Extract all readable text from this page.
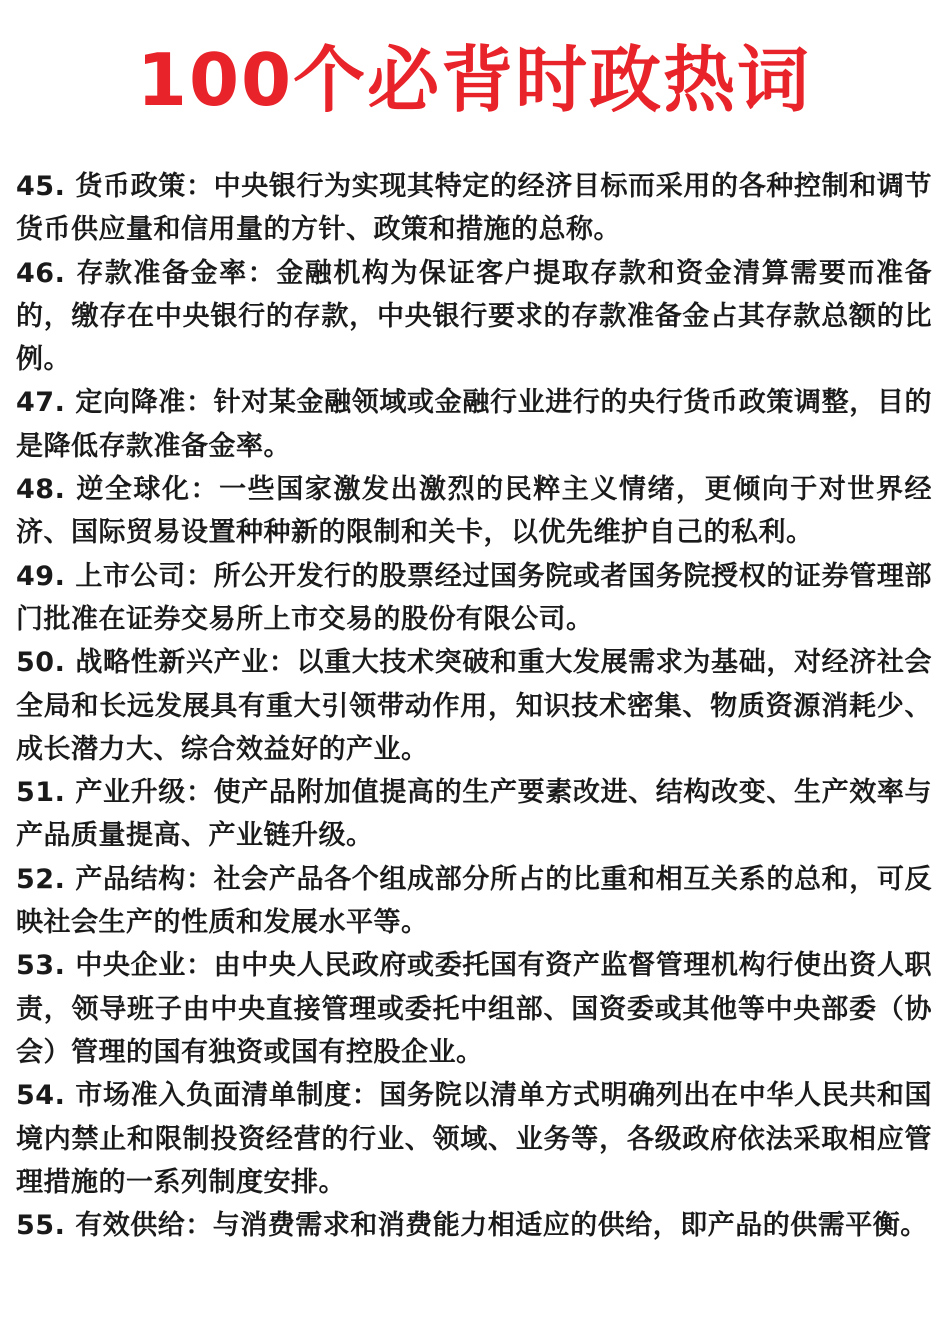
100个必背时政热词

45. 货币政策：中央银行为实现其特定的经济目标而采用的各种控制和调节货币供应量和信用量的方针、政策和措施的总称。

46. 存款准备金率：金融机构为保证客户提取存款和资金清算需要而准备的，缴存在中央银行的存款，中央银行要求的存款准备金占其存款总额的比例。

47. 定向降准：针对某金融领域或金融行业进行的央行货币政策调整，目的是降低存款准备金率。

48. 逆全球化：一些国家激发出激烈的民粹主义情绪，更倾向于对世界经济、国际贸易设置种种新的限制和关卡，以优先维护自己的私利。

49. 上市公司：所公开发行的股票经过国务院或者国务院授权的证券管理部门批准在证券交易所上市交易的股份有限公司。

50. 战略性新兴产业：以重大技术突破和重大发展需求为基础，对经济社会全局和长远发展具有重大引领带动作用，知识技术密集、物质资源消耗少、成长潜力大、综合效益好的产业。

51. 产业升级：使产品附加值提高的生产要素改进、结构改变、生产效率与产品质量提高、产业链升级。

52. 产品结构：社会产品各个组成部分所占的比重和相互关系的总和，可反映社会生产的性质和发展水平等。

53. 中央企业：由中央人民政府或委托国有资产监督管理机构行使出资人职责，领导班子由中央直接管理或委托中组部、国资委或其他等中央部委（协会）管理的国有独资或国有控股企业。

54. 市场准入负面清单制度：国务院以清单方式明确列出在中华人民共和国境内禁止和限制投资经营的行业、领域、业务等，各级政府依法采取相应管理措施的一系列制度安排。

55. 有效供给：与消费需求和消费能力相适应的供给，即产品的供需平衡。
